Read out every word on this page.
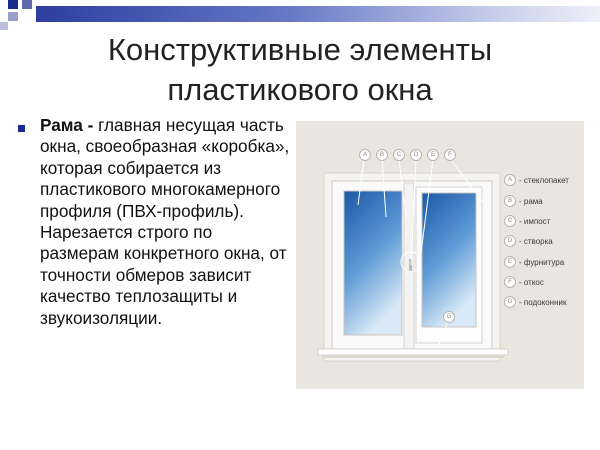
Конструктивные элементы
пластикового окна
Рама - главная несущая часть окна, своеобразная «коробка», которая собирается из пластикового многокамерного профиля (ПВХ-профиль). Нарезается строго по размерам конкретного окна, от точности обмеров зависит качество теплозащиты и звукоизоляции.
A	B	C	D	E	F
G
A - стеклопакет
B - рама
C - импост
D - створка
E - фурнитура
F - откос
G - подоконник
